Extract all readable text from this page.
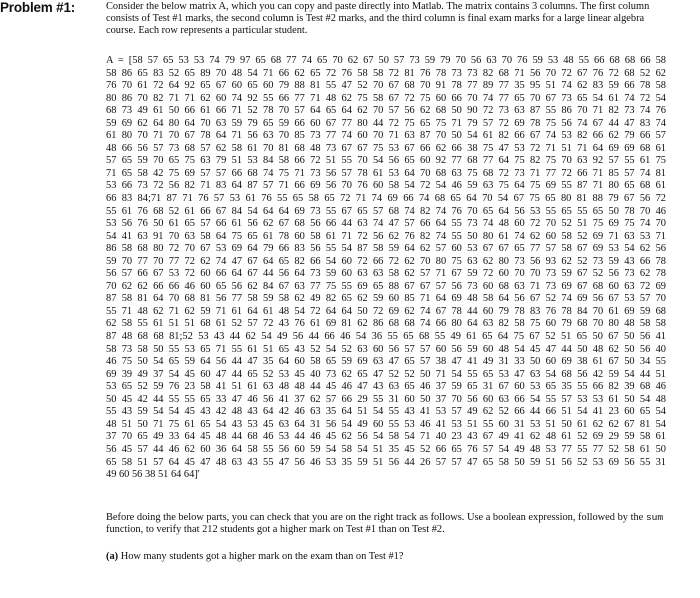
Problem #1:	Consider the below matrix A, which you can copy and paste directly into Matlab. The matrix contains 3 columns. The first column consists of Test #1 marks, the second column is Test #2 marks, and the third column is final exam marks for a large linear algebra course. Each row represents a particular student.

A = [58 57 65 53 53 74 79 97 65 68 77 74 65 70 62 67 50 57 73 59 79 70 56 63 70 76 59 53 48 55 66 68 68 66 58
58 86 65 83 52 65 89 70 48 54 71 66 62 65 72 76 58 58 72 81 76 78 73 73 82 68 71 56 70 72 67 76 72 68 52 62
76 70 61 72 64 92 65 67 60 65 60 79 88 81 55 47 52 70 67 68 70 91 78 77 89 77 35 95 51 74 62 83 59 66 78 58
80 86 70 82 71 71 62 60 74 92 55 66 77 71 48 62 75 58 67 72 75 60 66 70 74 77 65 70 67 73 65 54 61 74 72 54
68 73 49 61 50 66 61 66 71 52 78 70 57 64 65 64 62 70 57 56 62 68 50 90 72 73 63 87 55 86 70 71 82 73 74 76
59 69 62 64 80 64 70 63 59 79 65 59 66 60 67 77 80 44 72 75 65 75 71 79 57 72 69 78 75 56 74 67 44 47 83 74
61 80 70 71 70 67 78 64 71 56 63 70 85 73 77 74 60 70 71 63 87 70 50 54 61 82 66 67 74 53 82 66 62 79 66 57
48 66 56 57 73 68 57 62 58 61 70 81 68 48 73 67 67 75 53 67 66 62 66 38 75 47 53 72 71 51 71 64 69 69 68 61
57 65 59 70 65 75 63 79 51 53 84 58 66 72 51 55 70 54 56 65 60 92 77 68 77 64 75 82 75 70 63 92 57 55 61 75
71 65 58 42 75 69 57 57 66 68 74 75 71 73 56 57 78 61 53 64 70 68 63 75 68 72 73 71 77 72 66 71 85 57 74 81
53 66 73 72 56 82 71 83 64 87 57 71 66 69 56 70 76 60 58 54 72 54 46 59 63 75 64 75 69 55 87 71 80 65 68 61
66 83 84;71 87 71 76 57 53 61 76 55 65 58 65 72 71 74 69 66 74 68 65 64 70 54 67 75 65 80 81 88 79 67 56 72
55 61 76 68 52 61 66 67 84 54 64 64 69 73 55 67 65 57 68 74 82 74 76 70 65 64 56 53 55 65 55 65 50 78 70 46
53 56 76 50 61 65 57 66 61 56 62 67 68 56 66 44 63 74 47 57 66 64 55 73 74 48 60 72 70 52 51 75 69 75 74 70
54 41 63 91 70 63 58 64 75 65 61 78 60 58 61 71 72 56 62 76 82 74 55 50 80 61 74 62 60 58 52 69 71 63 53 71
86 58 68 80 72 70 67 53 69 64 79 66 83 56 55 54 87 58 59 64 62 57 60 53 67 67 65 77 57 58 67 69 53 54 62 56
59 70 77 70 77 72 62 74 47 67 64 65 82 66 54 60 72 66 72 62 70 80 75 63 62 80 73 56 93 62 52 73 59 43 66 78
56 57 66 67 53 72 60 66 64 67 44 56 64 73 59 60 63 63 58 62 57 71 67 59 72 60 70 70 73 59 67 52 56 73 62 78
70 62 62 66 66 46 60 65 56 62 84 67 63 77 75 55 69 65 88 67 67 57 56 73 60 68 63 71 73 69 67 68 60 63 72 69
87 58 81 64 70 68 81 56 77 58 59 58 62 49 82 65 62 59 60 85 71 64 69 48 58 64 56 67 52 74 69 56 67 53 57 70
55 71 48 62 71 62 59 71 61 64 61 48 54 72 64 64 50 72 69 62 74 67 78 44 60 79 78 83 76 78 84 70 61 69 59 68
62 58 55 61 51 51 68 61 52 57 72 43 76 61 69 81 62 86 68 68 74 66 80 64 63 82 58 75 60 79 68 70 80 48 58 58
87 48 68 68 81;52 53 43 44 62 54 49 56 44 66 46 54 36 55 65 68 55 49 61 65 64 75 67 52 51 65 50 67 50 56 41
58 73 58 50 55 53 65 71 55 61 51 65 43 52 54 52 63 60 56 57 57 60 56 59 60 48 54 45 47 44 50 48 62 50 56 40
46 75 50 54 65 59 64 56 44 47 35 64 60 58 65 59 69 63 47 65 57 38 47 41 49 31 33 50 60 69 38 61 67 50 34 55
69 39 49 37 54 45 60 47 44 65 52 53 45 40 73 62 65 47 52 52 50 71 54 55 65 53 47 63 54 68 56 42 59 54 44 51
53 65 52 59 76 23 58 41 51 61 63 48 48 44 45 46 47 43 63 65 46 37 59 65 31 67 60 53 65 35 55 66 82 39 68 46
50 45 42 44 55 55 65 33 47 46 56 41 37 62 57 66 29 55 31 60 50 37 70 56 60 63 66 54 55 57 53 53 61 50 54 48
55 43 59 54 54 45 43 42 48 43 64 42 46 63 35 64 51 54 55 43 41 53 57 49 62 52 66 44 66 51 54 41 23 60 65 54
48 51 50 71 75 61 65 54 43 53 45 63 64 31 56 54 49 60 55 53 46 41 53 51 55 60 31 53 51 50 61 62 62 67 81 54
37 70 65 49 33 64 45 48 44 68 46 53 44 46 45 62 56 54 58 54 71 40 23 43 67 49 41 62 48 61 52 69 29 59 58 61
56 45 57 44 46 62 60 36 64 58 55 56 60 59 54 58 54 51 35 45 52 66 65 76 57 54 49 48 53 77 55 77 52 58 61 50
65 58 51 57 64 45 47 48 63 43 55 47 56 46 53 35 59 51 56 44 26 57 57 47 65 58 50 59 51 56 52 53 69 56 55 31
49 60 56 38 51 64 64]'

Before doing the below parts, you can check that you are on the right track as follows. Use a boolean expression, followed by the sum function, to verify that 212 students got a higher mark on Test #1 than on Test #2.

(a) How many students got a higher mark on the exam than on Test #1?
